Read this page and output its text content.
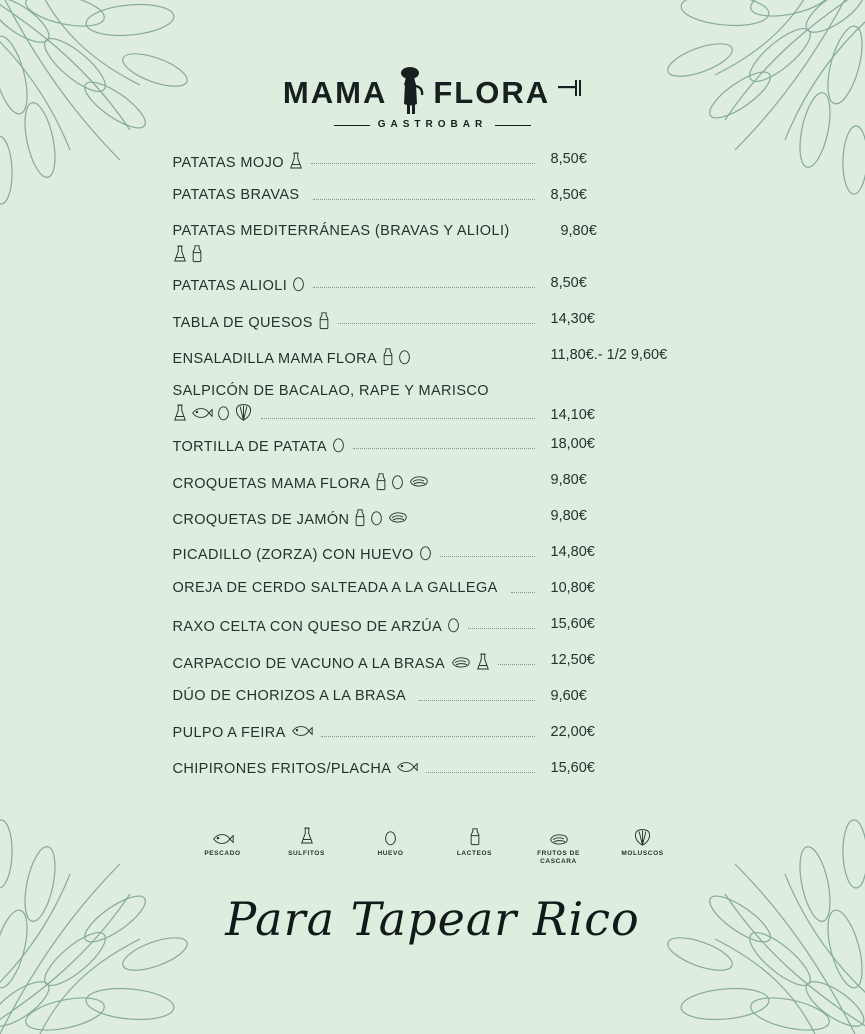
MAMA FLORA
GASTROBAR
PATATAS MOJO	8,50€
PATATAS BRAVAS	8,50€
PATATAS MEDITERRÁNEAS (BRAVAS Y ALIOLI)	9,80€
PATATAS ALIOLI	8,50€
TABLA DE QUESOS	14,30€
ENSALADILLA MAMA FLORA	11,80€.- 1/2 9,60€
SALPICÓN DE BACALAO, RAPE Y MARISCO
14,10€
TORTILLA DE PATATA	18,00€
CROQUETAS MAMA FLORA	9,80€
CROQUETAS DE JAMÓN	9,80€
PICADILLO (ZORZA) CON HUEVO	14,80€
OREJA DE CERDO SALTEADA A LA GALLEGA	10,80€
RAXO CELTA CON QUESO DE ARZÚA	15,60€
CARPACCIO DE VACUNO A LA BRASA	12,50€
DÚO DE CHORIZOS A LA BRASA	9,60€
PULPO A FEIRA	22,00€
CHIPIRONES FRITOS/PLACHA	15,60€
PESCADO	SULFITOS	HUEVO	LACTEOS	FRUTOS DE CASCARA
MOLUSCOS
Para Tapear Rico
